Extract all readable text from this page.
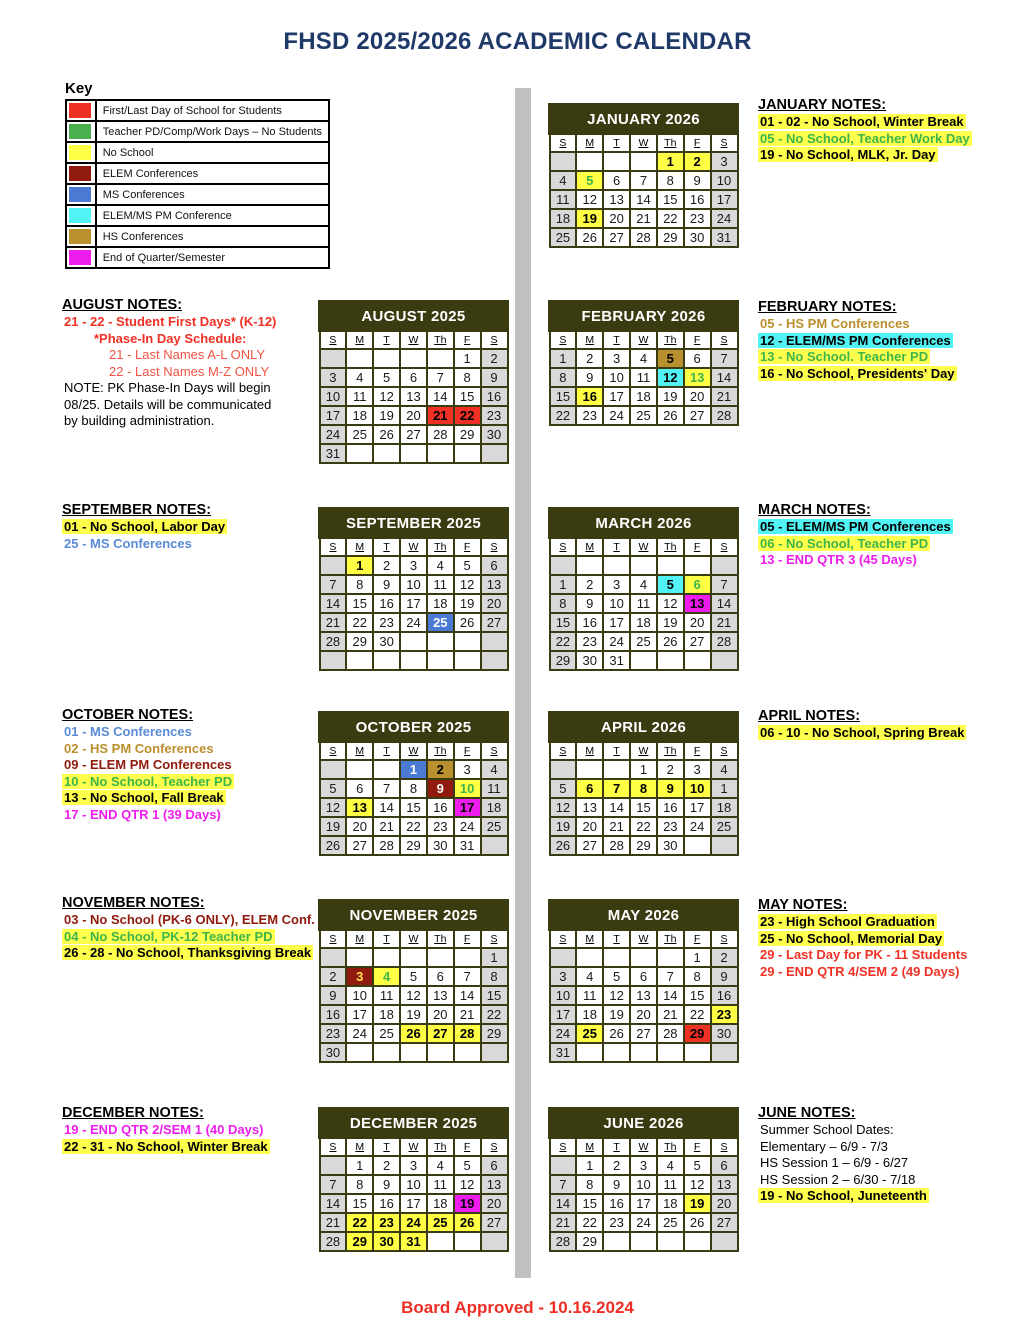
FHSD 2025/2026 ACADEMIC CALENDAR
Key
	First/Last Day of School for Students

	Teacher PD/Comp/Work Days – No Students

	No School

	ELEM Conferences

	MS Conferences

	ELEM/MS PM Conference

	HS Conferences

	End of Quarter/Semester
JANUARY 2026						
S	M	T	W	Th	F	S
				1	2	3
4	5	6	7	8	9	10
11	12	13	14	15	16	17
18	19	20	21	22	23	24
25	26	27	28	29	30	31
AUGUST 2025						
S	M	T	W	Th	F	S
					1	2
3	4	5	6	7	8	9
10	11	12	13	14	15	16
17	18	19	20	21	22	23
24	25	26	27	28	29	30
31						
FEBRUARY 2026						
S	M	T	W	Th	F	S
1	2	3	4	5	6	7
8	9	10	11	12	13	14
15	16	17	18	19	20	21
22	23	24	25	26	27	28
SEPTEMBER 2025						
S	M	T	W	Th	F	S
	1	2	3	4	5	6
7	8	9	10	11	12	13
14	15	16	17	18	19	20
21	22	23	24	25	26	27
28	29	30				

MARCH 2026						
S	M	T	W	Th	F	S

1	2	3	4	5	6	7
8	9	10	11	12	13	14
15	16	17	18	19	20	21
22	23	24	25	26	27	28
29	30	31				
OCTOBER 2025						
S	M	T	W	Th	F	S
			1	2	3	4
5	6	7	8	9	10	11
12	13	14	15	16	17	18
19	20	21	22	23	24	25
26	27	28	29	30	31	
APRIL 2026						
S	M	T	W	Th	F	S
			1	2	3	4
5	6	7	8	9	10	1
12	13	14	15	16	17	18
19	20	21	22	23	24	25
26	27	28	29	30		
NOVEMBER 2025						
S	M	T	W	Th	F	S
						1
2	3	4	5	6	7	8
9	10	11	12	13	14	15
16	17	18	19	20	21	22
23	24	25	26	27	28	29
30						
MAY 2026						
S	M	T	W	Th	F	S
					1	2
3	4	5	6	7	8	9
10	11	12	13	14	15	16
17	18	19	20	21	22	23
24	25	26	27	28	29	30
31						
DECEMBER 2025						
S	M	T	W	Th	F	S
	1	2	3	4	5	6
7	8	9	10	11	12	13
14	15	16	17	18	19	20
21	22	23	24	25	26	27
28	29	30	31			
JUNE 2026						
S	M	T	W	Th	F	S
	1	2	3	4	5	6
7	8	9	10	11	12	13
14	15	16	17	18	19	20
21	22	23	24	25	26	27
28	29					
JANUARY NOTES:
01 - 02 - No School, Winter Break
05 - No School, Teacher Work Day
19 - No School, MLK, Jr. Day
AUGUST NOTES:
21 - 22 - Student First Days* (K-12)
*Phase-In Day Schedule:
21 - Last Names A-L ONLY
22 - Last Names M-Z ONLY
NOTE: PK Phase-In Days will begin
08/25. Details will be communicated
by building administration.
FEBRUARY NOTES:
05 - HS PM Conferences
12 - ELEM/MS PM Conferences
13 - No School. Teacher PD
16 - No School, Presidents' Day
SEPTEMBER NOTES:
01 - No School, Labor Day
25 - MS Conferences
MARCH NOTES:
05 - ELEM/MS PM Conferences
06 - No School, Teacher PD
13 - END QTR 3 (45 Days)
OCTOBER NOTES:
01 - MS Conferences
02 - HS PM Conferences
09 - ELEM PM Conferences
10 - No School, Teacher PD
13 - No School, Fall Break
17 - END QTR 1 (39 Days)
APRIL NOTES:
06 - 10 - No School, Spring Break
NOVEMBER NOTES:
03 - No School (PK-6 ONLY), ELEM Conf.
04 - No School, PK-12 Teacher PD
26 - 28 - No School, Thanksgiving Break
MAY NOTES:
23 - High School Graduation
25 - No School, Memorial Day
29 - Last Day for PK - 11 Students
29 - END QTR 4/SEM 2 (49 Days)
DECEMBER NOTES:
19 - END QTR 2/SEM 1 (40 Days)
22 - 31 - No School, Winter Break
JUNE NOTES:
Summer School Dates:
Elementary – 6/9 - 7/3
HS Session 1 – 6/9 - 6/27
HS Session 2 – 6/30 - 7/18
19 - No School, Juneteenth
Board Approved - 10.16.2024
